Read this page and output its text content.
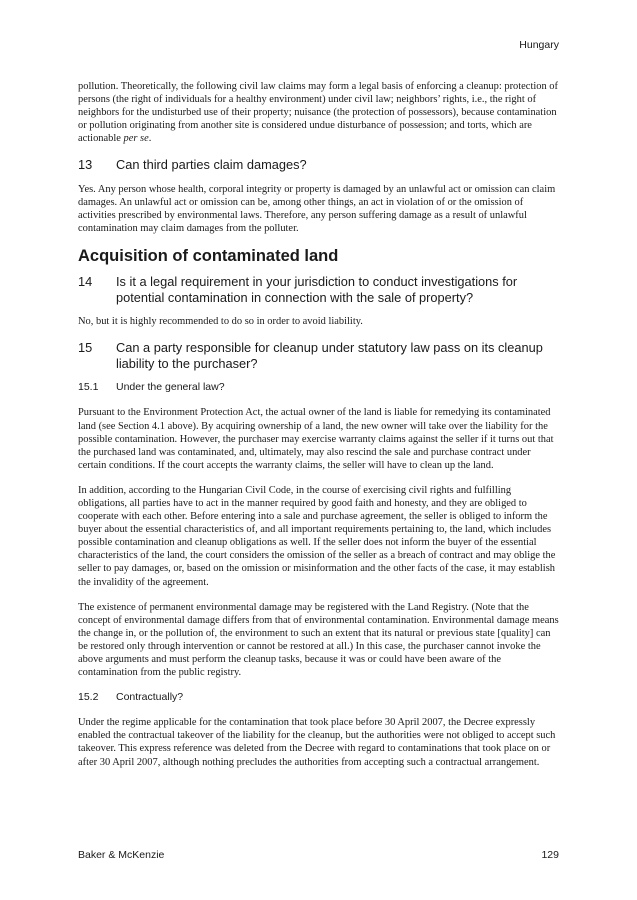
Hungary

pollution. Theoretically, the following civil law claims may form a legal basis of enforcing a cleanup: protection of persons (the right of individuals for a healthy environment) under civil law; neighbors’ rights, i.e., the right of neighbors for the undisturbed use of their property; nuisance (the protection of possessors), because contamination or pollution originating from another site is considered undue disturbance of possession; and torts, which are actionable per se.

13	Can third parties claim damages?

Yes. Any person whose health, corporal integrity or property is damaged by an unlawful act or omission can claim damages. An unlawful act or omission can be, among other things, an act in violation of or the omission of activities prescribed by environmental laws. Therefore, any person suffering damage as a result of unlawful contamination may claim damages from the polluter.

Acquisition of contaminated land
14	Is it a legal requirement in your jurisdiction to conduct investigations for potential contamination in connection with the sale of property?

No, but it is highly recommended to do so in order to avoid liability.

15	Can a party responsible for cleanup under statutory law pass on its cleanup liability to the purchaser?
15.1	Under the general law?

Pursuant to the Environment Protection Act, the actual owner of the land is liable for remedying its contaminated land (see Section 4.1 above). By acquiring ownership of a land, the new owner will take over the liability for the possible contamination. However, the purchaser may exercise warranty claims against the seller if it turns out that the purchased land was contaminated, and, ultimately, may also rescind the sale and purchase contract under certain conditions. If the court accepts the warranty claims, the seller will have to clean up the land.

In addition, according to the Hungarian Civil Code, in the course of exercising civil rights and fulfilling obligations, all parties have to act in the manner required by good faith and honesty, and they are obliged to cooperate with each other. Before entering into a sale and purchase agreement, the seller is obliged to inform the buyer about the essential characteristics of, and all important requirements pertaining to, the land, which includes possible contamination and cleanup obligations as well. If the seller does not inform the buyer of the essential characteristics of the land, the court considers the omission of the seller as a breach of contract and may oblige the seller to pay damages, or, based on the omission or misinformation and the other facts of the case, it may establish the invalidity of the agreement.

The existence of permanent environmental damage may be registered with the Land Registry. (Note that the concept of environmental damage differs from that of environmental contamination. Environmental damage means the change in, or the pollution of, the environment to such an extent that its natural or previous state [quality] can be restored only through intervention or cannot be restored at all.) In this case, the purchaser cannot invoke the above arguments and must perform the cleanup tasks, because it was or could have been aware of the contamination from the public registry.

15.2	Contractually?

Under the regime applicable for the contamination that took place before 30 April 2007, the Decree expressly enabled the contractual takeover of the liability for the cleanup, but the authorities were not obliged to accept such takeover. This express reference was deleted from the Decree with regard to contaminations that took place on or after 30 April 2007, although nothing precludes the authorities from accepting such a contractual arrangement.

Baker & McKenzie	129
